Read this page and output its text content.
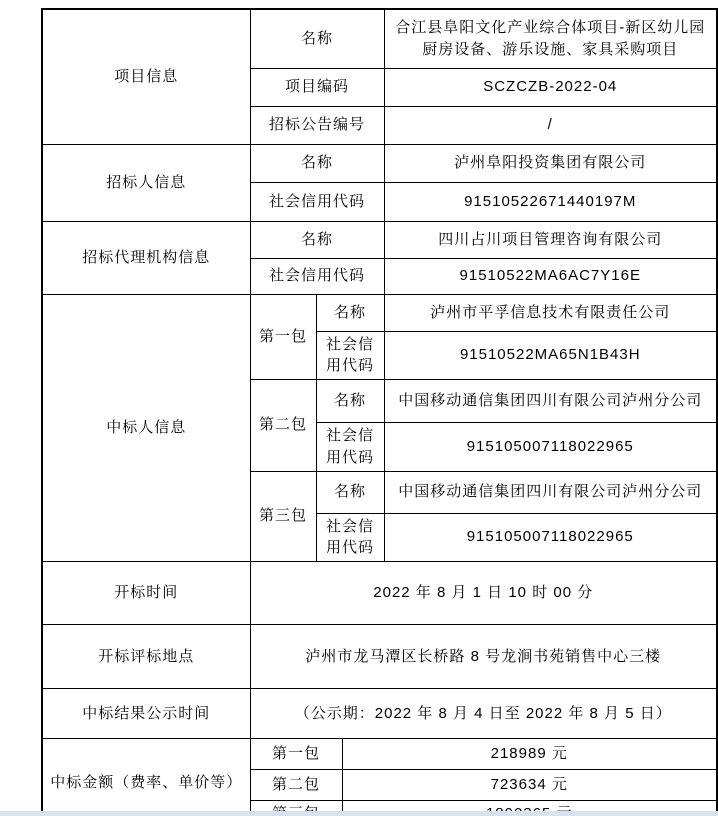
项目信息	名称			合江县阜阳文化产业综合体项目-新区幼儿园厨房设备、游乐设施、家具采购项目
	项目编码			SCZCZB-2022-04
	招标公告编号			/
招标人信息	名称			泸州阜阳投资集团有限公司
	社会信用代码			91510522671440197M
招标代理机构信息	名称			四川占川项目管理咨询有限公司
	社会信用代码			91510522MA6AC7Y16E
中标人信息	第一包	名称		泸州市平孚信息技术有限责任公司
		社会信用代码		91510522MA65N1B43H
	第二包	名称		中国移动通信集团四川有限公司泸州分公司
		社会信用代码		915105007118022965
	第三包	名称		中国移动通信集团四川有限公司泸州分公司
		社会信用代码		915105007118022965
开标时间	2022 年 8 月 1 日 10 时 00 分			
开标评标地点	泸州市龙马潭区长桥路 8 号龙涧书苑销售中心三楼			
中标结果公示时间	（公示期：2022 年 8 月 4 日至 2022 年 8 月 5 日）			
中标金额（费率、单价等）	第一包		218989 元	
	第二包		723634 元	
